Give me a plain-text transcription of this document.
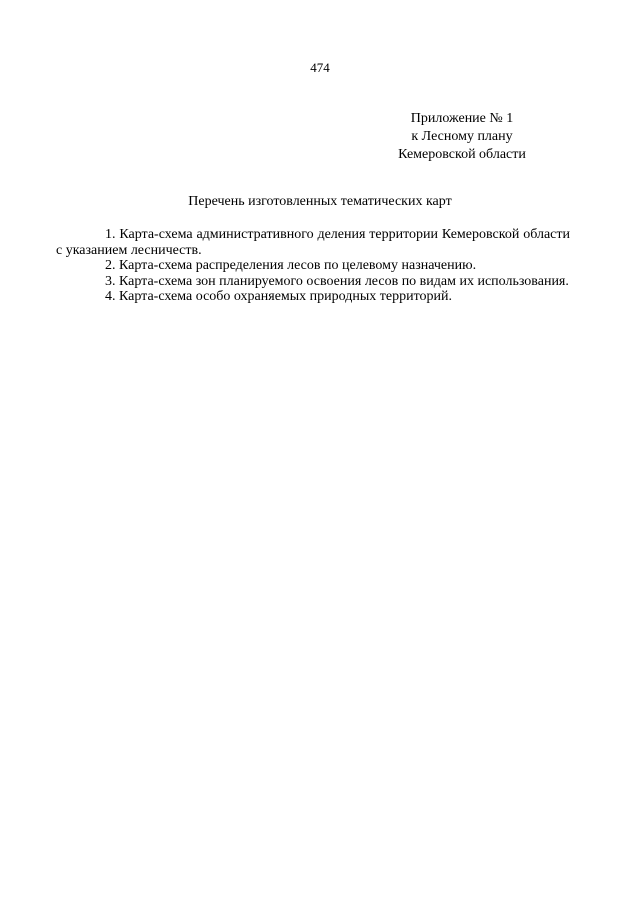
474
Приложение № 1
к Лесному плану
Кемеровской области
Перечень изготовленных тематических карт

1. Карта-схема административного деления территории Кемеровской области с указанием лесничеств.

2. Карта-схема распределения лесов по целевому назначению.

3. Карта-схема зон планируемого освоения лесов по видам их использования.

4. Карта-схема особо охраняемых природных территорий.
